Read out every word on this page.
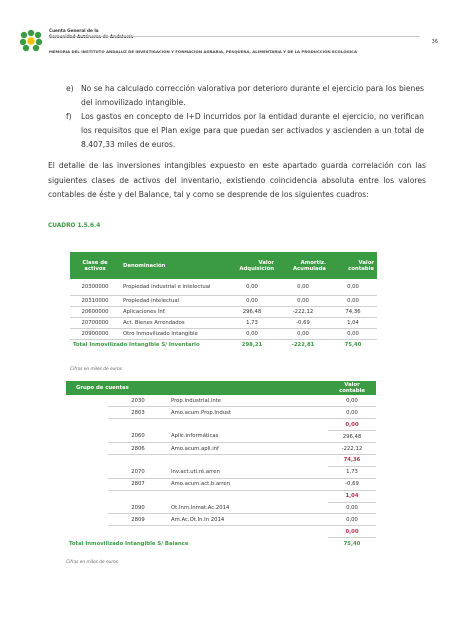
Cuenta General de la
36
MEMORIA DEL INSTITUTO ANDALUZ DE INVESTIGACIÓN Y FORMACIÓN AGRARIA, PESQUERA, ALIMENTARIA Y DE LA PRODUCCIÓN ECOLÓGICA
e) No se ha calculado corrección valorativa por deterioro durante el ejercicio para los bienes del inmovilizado intangible.
f) Los gastos en concepto de I+D incurridos por la entidad durante el ejercicio, no verifican los requisitos que el Plan exige para que puedan ser activados y ascienden a un total de 8.407,33 miles de euros.
El detalle de las inversiones intangibles expuesto en este apartado guarda correlación con las siguientes clases de activos del inventario, existiendo coincidencia absoluta entre los valores contables de éste y del Balance, tal y como se desprende de los siguientes cuadros:
CUADRO 1.5.6.4
Clase de activos	Denominación	Valor Adquisición	Amortiz. Acumulada	Valor contable
20300000	Propiedad industrial e intelectual	0,00	0,00	0,00
20310000	Propiedad intelectual	0,00	0,00	0,00
20600000	Aplicaciones Inf.	296,48	-222,12	74,36
20700000	Act. Bienes Arrendados	1,73	-0,69	1,04
20900000	Otro Inmovilizado intangible	0,00	0,00	0,00
Total Inmovilizado Intangible S/ Inventario		298,21	-222,81	75,40
Cifras en miles de euros
Grupo de cuentas				Valor contable
	2030	Prop.industrial.inte		0,00
	2803	Amo.acum.Prop.Indust		0,00
				0,00
	2060	Aplic.informáticas		296,48
	2806	Amo.acum.apli.inf		-222,12
				74,36
	2070	Inv.act.uti.ré.arren		1,73
	2807	Amo.acum.act.b.arren		-0,69
				1,04
	2090	Ot.Inm.Inmat.Ac.2014		0,00
	2809	Am.Ac.Ot.In.In 2014		0,00
				0,00
Total Inmovilizado Intangible S/ Balance				75,40
Cifras en miles de euros
